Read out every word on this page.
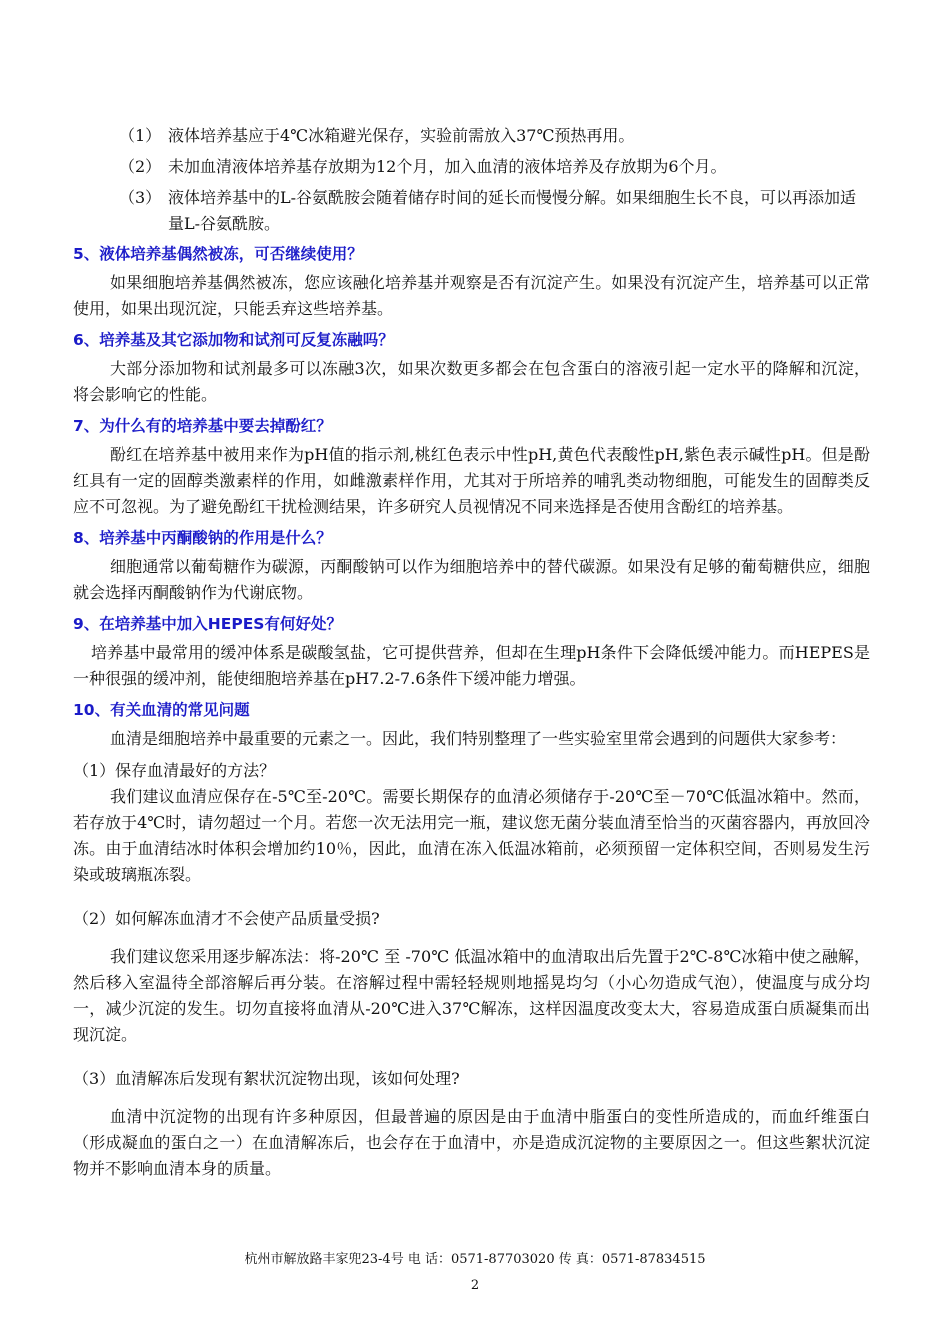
（1） 液体培养基应于4℃冰箱避光保存，实验前需放入37℃预热再用。
（2） 未加血清液体培养基存放期为12个月，加入血清的液体培养及存放期为6个月。
（3） 液体培养基中的L-谷氨酰胺会随着储存时间的延长而慢慢分解。如果细胞生长不良，可以再添加适量L-谷氨酰胺。
5、液体培养基偶然被冻，可否继续使用？

如果细胞培养基偶然被冻，您应该融化培养基并观察是否有沉淀产生。如果没有沉淀产生，培养基可以正常使用，如果出现沉淀，只能丢弃这些培养基。

6、培养基及其它添加物和试剂可反复冻融吗？

大部分添加物和试剂最多可以冻融3次，如果次数更多都会在包含蛋白的溶液引起一定水平的降解和沉淀，将会影响它的性能。

7、为什么有的培养基中要去掉酚红？

酚红在培养基中被用来作为pH值的指示剂,桃红色表示中性pH,黄色代表酸性pH,紫色表示碱性pH。但是酚红具有一定的固醇类激素样的作用，如雌激素样作用，尤其对于所培养的哺乳类动物细胞，可能发生的固醇类反应不可忽视。为了避免酚红干扰检测结果，许多研究人员视情况不同来选择是否使用含酚红的培养基。

8、培养基中丙酮酸钠的作用是什么？

细胞通常以葡萄糖作为碳源，丙酮酸钠可以作为细胞培养中的替代碳源。如果没有足够的葡萄糖供应，细胞就会选择丙酮酸钠作为代谢底物。

9、在培养基中加入HEPES有何好处？

培养基中最常用的缓冲体系是碳酸氢盐，它可提供营养，但却在生理pH条件下会降低缓冲能力。而HEPES是一种很强的缓冲剂，能使细胞培养基在pH7.2-7.6条件下缓冲能力增强。

10、有关血清的常见问题

血清是细胞培养中最重要的元素之一。因此，我们特别整理了一些实验室里常会遇到的问题供大家参考：

（1）保存血清最好的方法？

我们建议血清应保存在-5℃至-20℃。需要长期保存的血清必须储存于-20℃至－70℃低温冰箱中。然而，若存放于4℃时，请勿超过一个月。若您一次无法用完一瓶，建议您无菌分装血清至恰当的灭菌容器内，再放回冷冻。由于血清结冰时体积会增加约10％，因此，血清在冻入低温冰箱前，必须预留一定体积空间，否则易发生污染或玻璃瓶冻裂。

（2）如何解冻血清才不会使产品质量受损?

我们建议您采用逐步解冻法：将-20℃ 至 -70℃ 低温冰箱中的血清取出后先置于2℃-8℃冰箱中使之融解，然后移入室温待全部溶解后再分装。在溶解过程中需轻轻规则地摇晃均匀（小心勿造成气泡），使温度与成分均一，减少沉淀的发生。切勿直接将血清从-20℃进入37℃解冻，这样因温度改变太大，容易造成蛋白质凝集而出现沉淀。

（3）血清解冻后发现有絮状沉淀物出现，该如何处理?

血清中沉淀物的出现有许多种原因，但最普遍的原因是由于血清中脂蛋白的变性所造成的，而血纤维蛋白（形成凝血的蛋白之一）在血清解冻后，也会存在于血清中，亦是造成沉淀物的主要原因之一。但这些絮状沉淀物并不影响血清本身的质量。

杭州市解放路丰家兜23-4号 电 话：0571-87703020 传 真：0571-87834515
2
